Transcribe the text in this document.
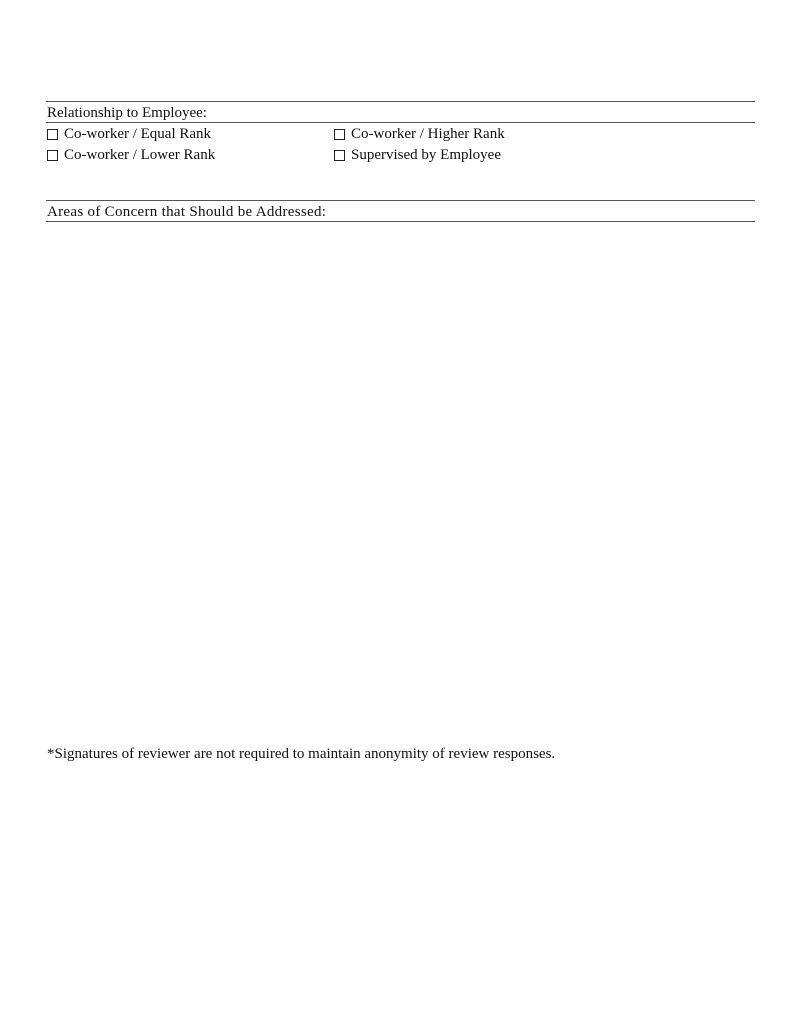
Relationship to Employee:
Co-worker / Equal Rank	Co-worker / Higher Rank
Co-worker / Lower Rank	Supervised by Employee
Areas of Concern that Should be Addressed:
*Signatures of reviewer are not required to maintain anonymity of review responses.
